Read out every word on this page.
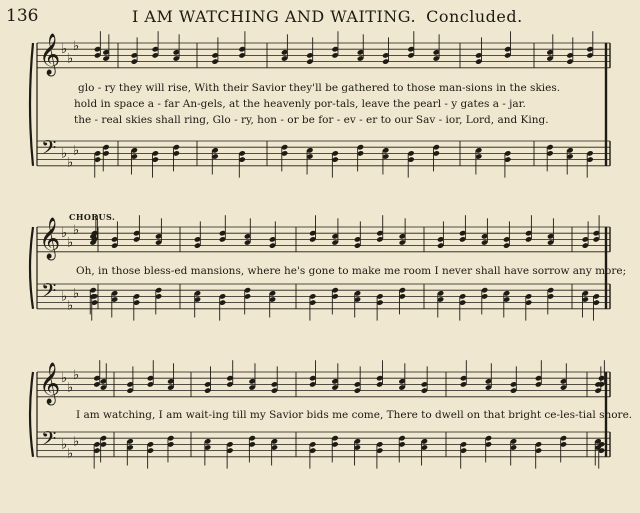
136	I AM WATCHING AND WAITING. Concluded.
𝄞
𝄢
♭
♭
♭
♭
♭
♭
𝄞
𝄢
♭
♭
♭
♭
♭
♭
𝄞
𝄢
♭
♭
♭
♭
♭
♭
glo - ry they will rise, With their Savior they'll be gathered to those man-sions in the skies.
hold in space a - far An-gels, at the heavenly por-tals, leave the pearl - y gates a - jar.
the - real skies shall ring, Glo - ry, hon - or be for - ev - er to our Sav - ior, Lord, and King.
CHORUS.
Oh, in those bless-ed mansions, where he's gone to make me room I never shall have sorrow any more;
I am watching, I am wait-ing till my Savior bids me come, There to dwell on that bright ce-les-tial shore.
